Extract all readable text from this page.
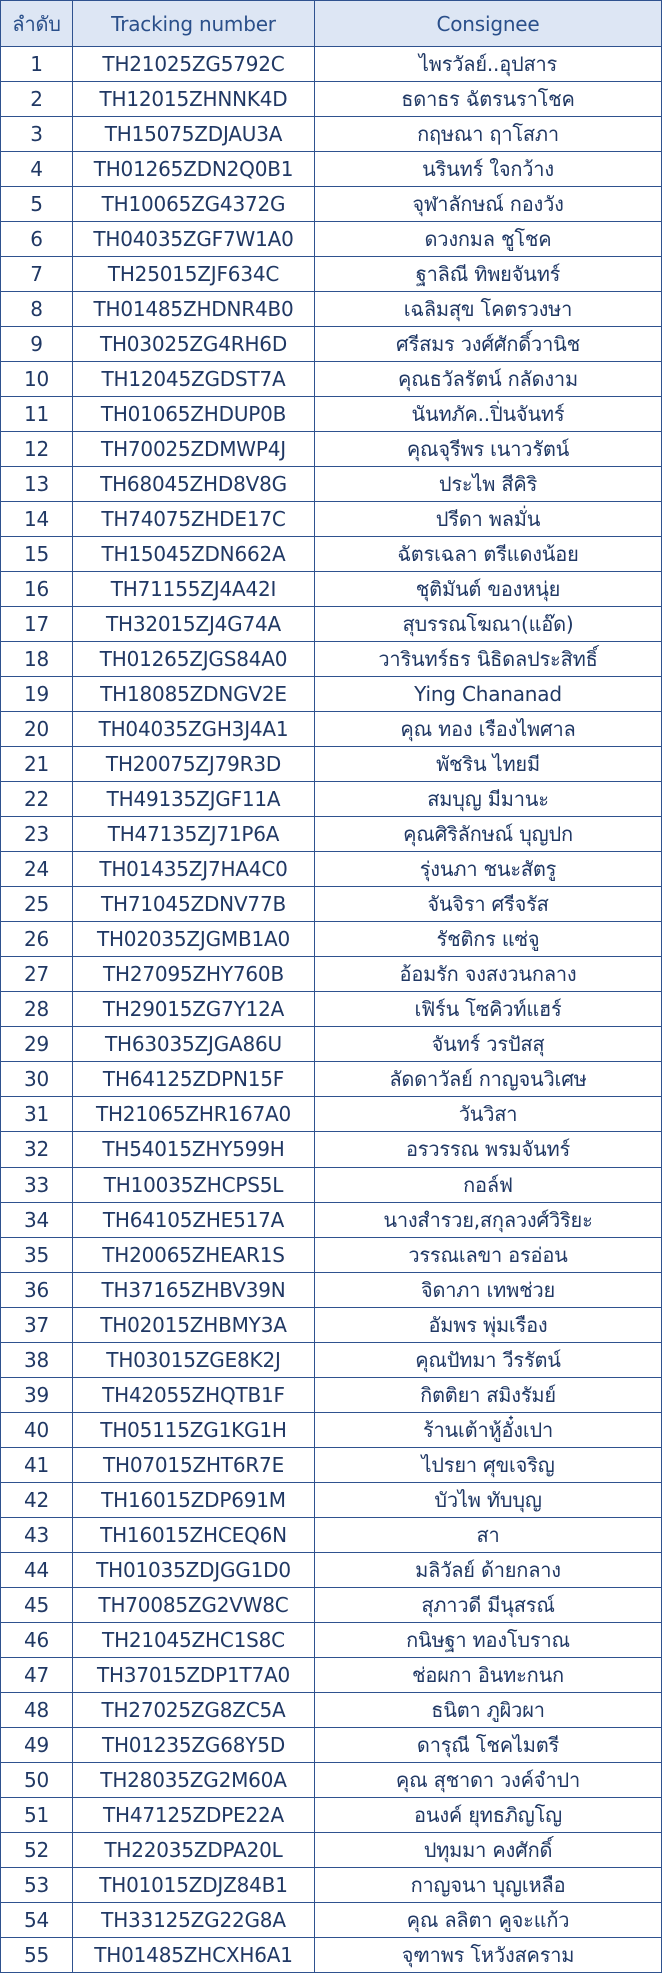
ลำดับ	Tracking number	Consignee
1	TH21025ZG5792C	ไพรวัลย์..อุปสาร
2	TH12015ZHNNK4D	ธดาธร ฉัตรนราโชค
3	TH15075ZDJAU3A	กฤษณา ฤาโสภา
4	TH01265ZDN2Q0B1	นรินทร์ ใจกว้าง
5	TH10065ZG4372G	จุฬาลักษณ์ กองวัง
6	TH04035ZGF7W1A0	ดวงกมล ชูโชค
7	TH25015ZJF634C	ฐาลิณี ทิพยจันทร์
8	TH01485ZHDNR4B0	เฉลิมสุข โคตรวงษา
9	TH03025ZG4RH6D	ศรีสมร วงศ์ศักดิ์วานิช
10	TH12045ZGDST7A	คุณธวัลรัตน์ กลัดงาม
11	TH01065ZHDUP0B	นันทภัค..ปิ่นจันทร์
12	TH70025ZDMWP4J	คุณจุรีพร เนาวรัตน์
13	TH68045ZHD8V8G	ประไพ สีคิริ
14	TH74075ZHDE17C	ปรีดา พลมั่น
15	TH15045ZDN662A	ฉัตรเฉลา ตรีแดงน้อย
16	TH71155ZJ4A42I	ชุติมันต์ ของหนุ่ย
17	TH32015ZJ4G74A	สุบรรณโฆณา(แอ๊ด)
18	TH01265ZJGS84A0	วารินทร์ธร นิธิดลประสิทธิ์
19	TH18085ZDNGV2E	Ying Chananad
20	TH04035ZGH3J4A1	คุณ ทอง เรืองไพศาล
21	TH20075ZJ79R3D	พัชริน ไทยมี
22	TH49135ZJGF11A	สมบุญ มีมานะ
23	TH47135ZJ71P6A	คุณศิริลักษณ์ บุญปก
24	TH01435ZJ7HA4C0	รุ่งนภา ชนะสัตรู
25	TH71045ZDNV77B	จันจิรา ศรีจรัส
26	TH02035ZJGMB1A0	รัชติกร แซ่จู
27	TH27095ZHY760B	อ้อมรัก จงสงวนกลาง
28	TH29015ZG7Y12A	เฟิร์น โซคิวท์แฮร์
29	TH63035ZJGA86U	จันทร์ วรปัสสุ
30	TH64125ZDPN15F	ลัดดาวัลย์ กาญจนวิเศษ
31	TH21065ZHR167A0	วันวิสา
32	TH54015ZHY599H	อรวรรณ พรมจันทร์
33	TH10035ZHCPS5L	กอล์ฟ
34	TH64105ZHE517A	นางสำรวย,สกุลวงศ์วิริยะ
35	TH20065ZHEAR1S	วรรณเลขา อรอ่อน
36	TH37165ZHBV39N	จิดาภา เทพช่วย
37	TH02015ZHBMY3A	อัมพร พุ่มเรือง
38	TH03015ZGE8K2J	คุณปัทมา วีรรัตน์
39	TH42055ZHQTB1F	กิตติยา สมิงรัมย์
40	TH05115ZG1KG1H	ร้านเต้าหู้อั๋งเปา
41	TH07015ZHT6R7E	ไปรยา ศุขเจริญ
42	TH16015ZDP691M	บัวไพ ทับบุญ
43	TH16015ZHCEQ6N	สา
44	TH01035ZDJGG1D0	มลิวัลย์ ด้ายกลาง
45	TH70085ZG2VW8C	สุภาวดี มีนุสรณ์
46	TH21045ZHC1S8C	กนิษฐา ทองโบราณ
47	TH37015ZDP1T7A0	ช่อผกา อินทะกนก
48	TH27025ZG8ZC5A	ธนิตา ภูผิวผา
49	TH01235ZG68Y5D	ดารุณี โชคไมตรี
50	TH28035ZG2M60A	คุณ สุชาดา วงค์จำปา
51	TH47125ZDPE22A	อนงค์ ยุทธภิญโญ
52	TH22035ZDPA20L	ปทุมมา คงศักดิ์
53	TH01015ZDJZ84B1	กาญจนา บุญเหลือ
54	TH33125ZG22G8A	คุณ ลลิตา คูจะแก้ว
55	TH01485ZHCXH6A1	จุฑาพร โหวังสคราม
